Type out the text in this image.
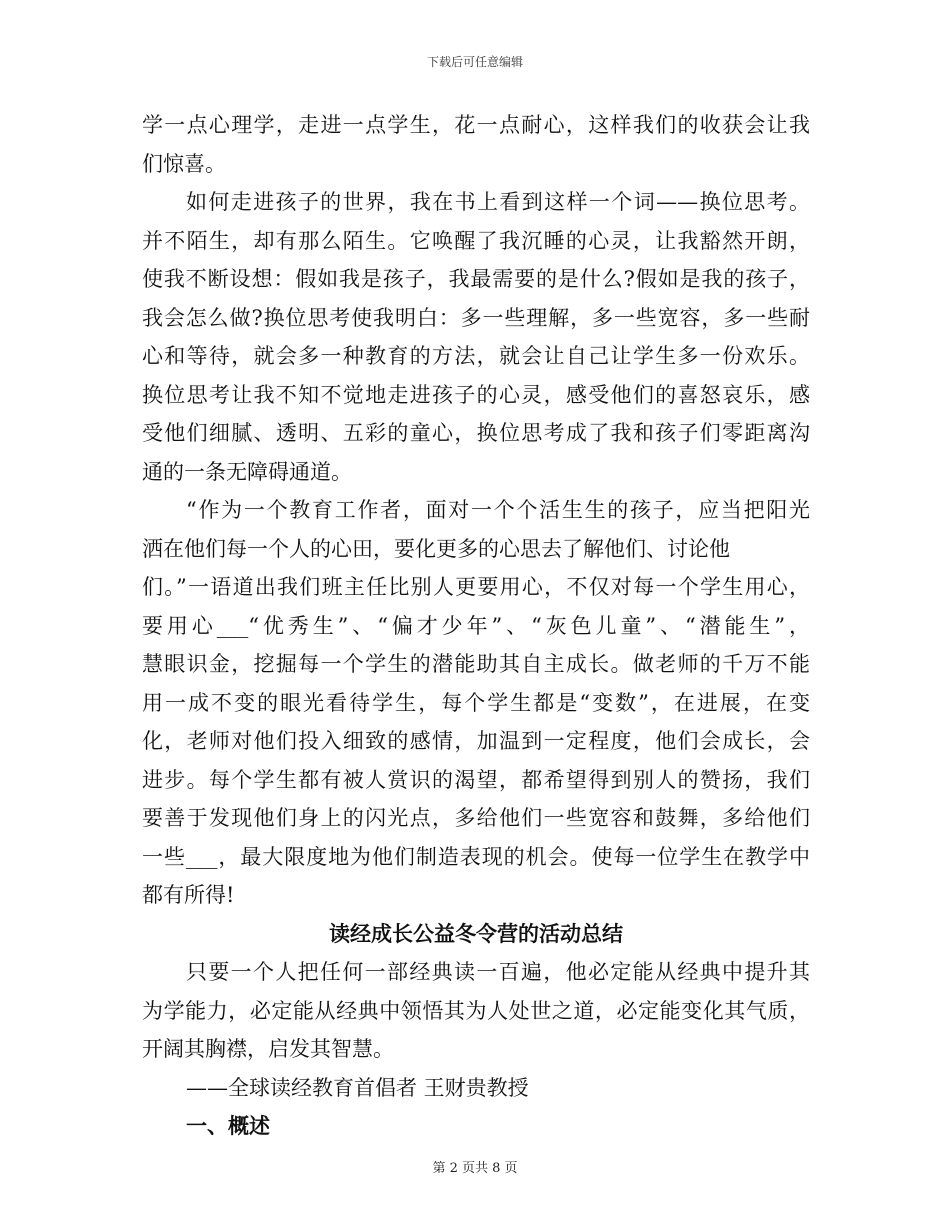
下载后可任意编辑
学一点心理学，走进一点学生，花一点耐心，这样我们的收获会让我
们惊喜。
如何走进孩子的世界，我在书上看到这样一个词——换位思考。
并不陌生，却有那么陌生。它唤醒了我沉睡的心灵，让我豁然开朗，
使我不断设想：假如我是孩子，我最需要的是什么?假如是我的孩子，
我会怎么做?换位思考使我明白：多一些理解，多一些宽容，多一些耐
心和等待，就会多一种教育的方法，就会让自己让学生多一份欢乐。
换位思考让我不知不觉地走进孩子的心灵，感受他们的喜怒哀乐，感
受他们细腻、透明、五彩的童心，换位思考成了我和孩子们零距离沟
通的一条无障碍通道。
“作为一个教育工作者，面对一个个活生生的孩子，应当把阳光
洒在他们每一个人的心田，要化更多的心思去了解他们、讨论他
们。”一语道出我们班主任比别人更要用心，不仅对每一个学生用心，
要用心___“优秀生”、“偏才少年”、“灰色儿童”、“潜能生”，
慧眼识金，挖掘每一个学生的潜能助其自主成长。做老师的千万不能
用一成不变的眼光看待学生，每个学生都是“变数”，在进展，在变
化，老师对他们投入细致的感情，加温到一定程度，他们会成长，会
进步。每个学生都有被人赏识的渴望，都希望得到别人的赞扬，我们
要善于发现他们身上的闪光点，多给他们一些宽容和鼓舞，多给他们
一些___，最大限度地为他们制造表现的机会。使每一位学生在教学中
都有所得!
读经成长公益冬令营的活动总结
只要一个人把任何一部经典读一百遍，他必定能从经典中提升其
为学能力，必定能从经典中领悟其为人处世之道，必定能变化其气质，
开阔其胸襟，启发其智慧。
——全球读经教育首倡者 王财贵教授
一、概述
第 2 页共 8 页
